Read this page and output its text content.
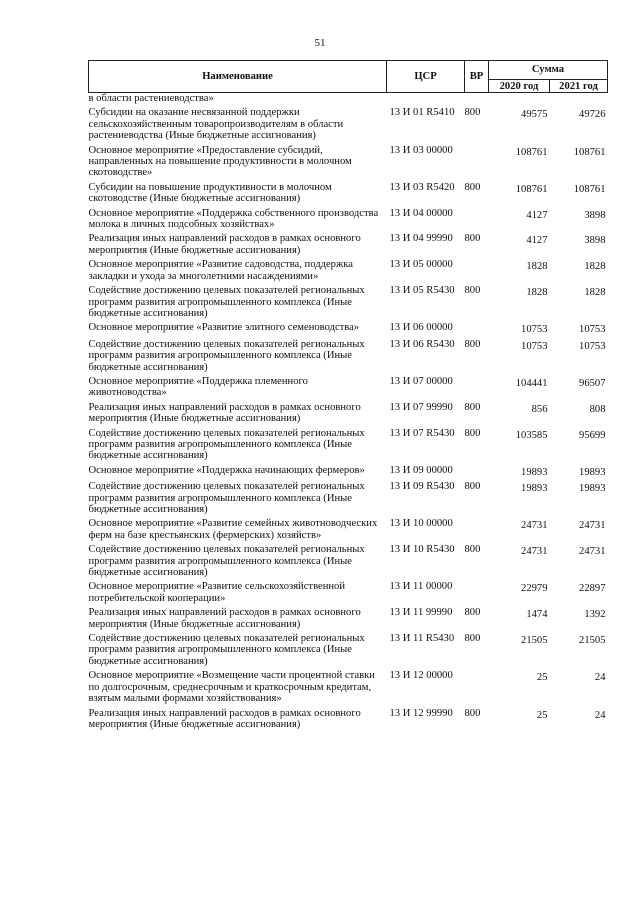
51
Наименование	ЦСР	ВР	Сумма	
			2020 год	2021 год
в области растениеводства»				

Субсидии на оказание несвязанной поддержки сельскохозяйственным товаропроизводителям в области растениеводства (Иные бюджетные ассигнования)	13 И 01 R5410	800	49575	49726

Основное мероприятие «Предоставление субсидий, направленных на повышение продуктивности в молочном скотоводстве»	13 И 03 00000		108761	108761

Субсидии на повышение продуктивности в молочном скотоводстве (Иные бюджетные ассигнования)	13 И 03 R5420	800	108761	108761

Основное мероприятие «Поддержка собственного производства молока в личных подсобных хозяйствах»	13 И 04 00000		4127	3898

Реализация иных направлений расходов в рамках основного мероприятия (Иные бюджетные ассигнования)	13 И 04 99990	800	4127	3898

Основное мероприятие «Развитие садоводства, поддержка закладки и ухода за многолетними насаждениями»	13 И 05 00000		1828	1828

Содействие достижению целевых показателей региональных программ развития агропромышленного комплекса (Иные бюджетные ассигнования)	13 И 05 R5430	800	1828	1828

Основное мероприятие «Развитие элитного семеноводства»	13 И 06 00000		10753	10753

Содействие достижению целевых показателей региональных программ развития агропромышленного комплекса (Иные бюджетные ассигнования)	13 И 06 R5430	800	10753	10753

Основное мероприятие «Поддержка племенного животноводства»	13 И 07 00000		104441	96507

Реализация иных направлений расходов в рамках основного мероприятия (Иные бюджетные ассигнования)	13 И 07 99990	800	856	808

Содействие достижению целевых показателей региональных программ развития агропромышленного комплекса (Иные бюджетные ассигнования)	13 И 07 R5430	800	103585	95699

Основное мероприятие «Поддержка начинающих фермеров»	13 И 09 00000		19893	19893

Содействие достижению целевых показателей региональных программ развития агропромышленного комплекса (Иные бюджетные ассигнования)	13 И 09 R5430	800	19893	19893

Основное мероприятие «Развитие семейных животноводческих ферм на базе крестьянских (фермерских) хозяйств»	13 И 10 00000		24731	24731

Содействие достижению целевых показателей региональных программ развития агропромышленного комплекса (Иные бюджетные ассигнования)	13 И 10 R5430	800	24731	24731

Основное мероприятие «Развитие сельскохозяйственной потребительской кооперации»	13 И 11 00000		22979	22897

Реализация иных направлений расходов в рамках основного мероприятия (Иные бюджетные ассигнования)	13 И 11 99990	800	1474	1392

Содействие достижению целевых показателей региональных программ развития агропромышленного комплекса (Иные бюджетные ассигнования)	13 И 11 R5430	800	21505	21505

Основное мероприятие «Возмещение части процентной ставки по долгосрочным, среднесрочным и краткосрочным кредитам, взятым малыми формами хозяйствования»	13 И 12 00000		25	24

Реализация иных направлений расходов в рамках основного мероприятия (Иные бюджетные ассигнования)	13 И 12 99990	800	25	24
